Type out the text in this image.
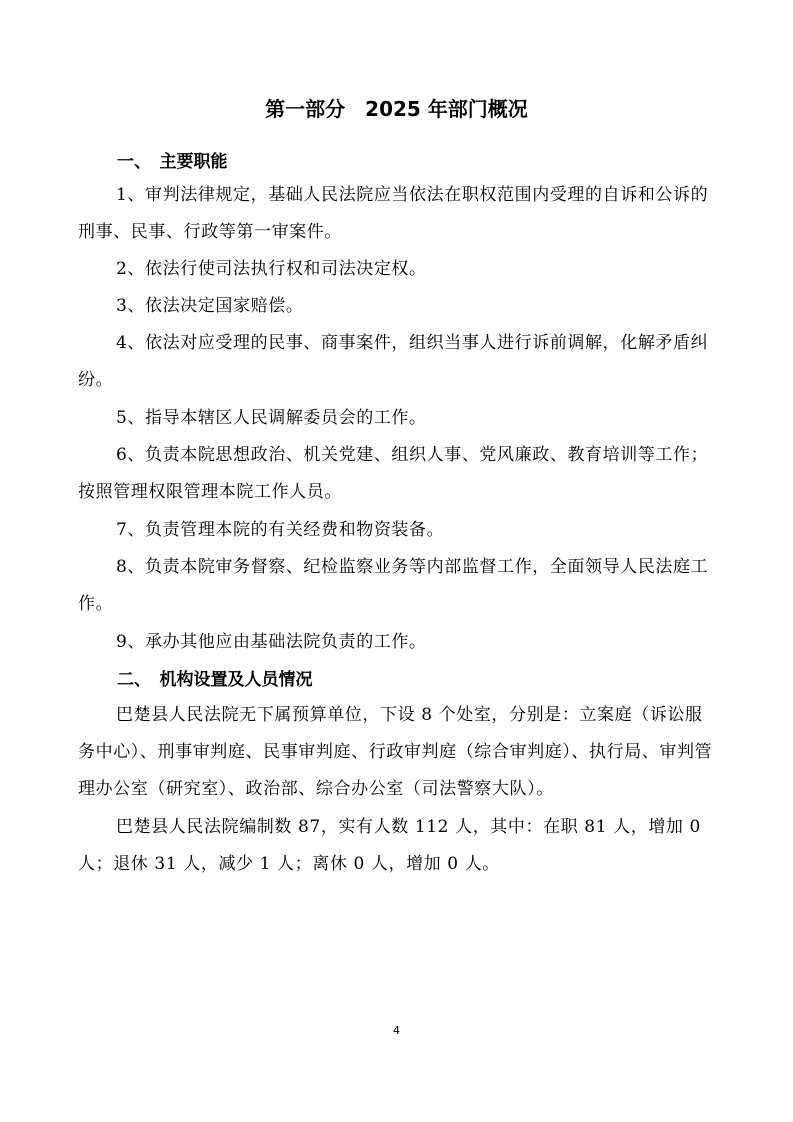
第一部分　2025 年部门概况
一、　主要职能
1、审判法律规定，基础人民法院应当依法在职权范围内受理的自诉和公诉的刑事、民事、行政等第一审案件。
2、依法行使司法执行权和司法决定权。
3、依法决定国家赔偿。
4、依法对应受理的民事、商事案件，组织当事人进行诉前调解，化解矛盾纠纷。
5、指导本辖区人民调解委员会的工作。
6、负责本院思想政治、机关党建、组织人事、党风廉政、教育培训等工作；按照管理权限管理本院工作人员。
7、负责管理本院的有关经费和物资装备。
8、负责本院审务督察、纪检监察业务等内部监督工作，全面领导人民法庭工作。
9、承办其他应由基础法院负责的工作。
二、　机构设置及人员情况
巴楚县人民法院无下属预算单位，下设 8 个处室，分别是：立案庭（诉讼服务中心）、刑事审判庭、民事审判庭、行政审判庭（综合审判庭）、执行局、审判管理办公室（研究室）、政治部、综合办公室（司法警察大队）。
巴楚县人民法院编制数 87，实有人数 112 人，其中：在职 81 人，增加 0 人；退休 31 人，减少 1 人；离休 0 人，增加 0 人。
4
